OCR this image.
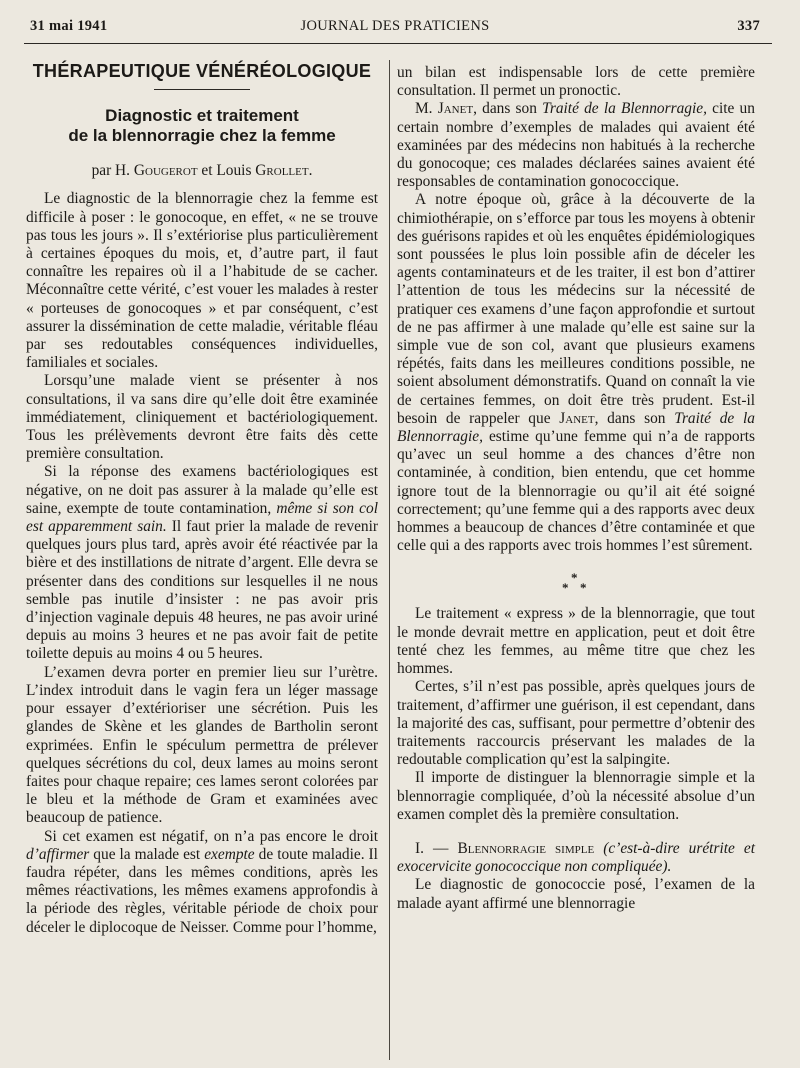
31 mai 1941	JOURNAL DES PRATICIENS	337
THÉRAPEUTIQUE VÉNÉRÉOLOGIQUE
Diagnostic et traitement
de la blennorragie chez la femme
par H. Gougerot et Louis Grollet.

Le diagnostic de la blennorragie chez la femme est difficile à poser : le gonocoque, en effet, « ne se trouve pas tous les jours ». Il s’extériorise plus particulièrement à certaines époques du mois, et, d’autre part, il faut connaître les repaires où il a l’habitude de se cacher. Méconnaître cette vérité, c’est vouer les malades à rester « porteuses de gonocoques » et par conséquent, c’est assurer la dissémination de cette maladie, véritable fléau par ses redoutables conséquences individuelles, familiales et sociales.

Lorsqu’une malade vient se présenter à nos consultations, il va sans dire qu’elle doit être examinée immédiatement, cliniquement et bactériologiquement. Tous les prélèvements devront être faits dès cette première consultation.

Si la réponse des examens bactériologiques est négative, on ne doit pas assurer à la malade qu’elle est saine, exempte de toute contamination, même si son col est apparemment sain. Il faut prier la malade de revenir quelques jours plus tard, après avoir été réactivée par la bière et des instillations de nitrate d’argent. Elle devra se présenter dans des conditions sur lesquelles il ne nous semble pas inutile d’insister : ne pas avoir pris d’injection vaginale depuis 48 heures, ne pas avoir uriné depuis au moins 3 heures et ne pas avoir fait de petite toilette depuis au moins 4 ou 5 heures.

L’examen devra porter en premier lieu sur l’urètre. L’index introduit dans le vagin fera un léger massage pour essayer d’extérioriser une sécrétion. Puis les glandes de Skène et les glandes de Bartholin seront exprimées. Enfin le spéculum permettra de prélever quelques sécrétions du col, deux lames au moins seront faites pour chaque repaire; ces lames seront colorées par le bleu et la méthode de Gram et examinées avec beaucoup de patience.

Si cet examen est négatif, on n’a pas encore le droit d’affirmer que la malade est exempte de toute maladie. Il faudra répéter, dans les mêmes conditions, après les mêmes réactivations, les mêmes examens approfondis à la période des règles, véritable période de choix pour déceler le diplocoque de Neisser. Comme pour l’homme,

un bilan est indispensable lors de cette première consultation. Il permet un pronoctic.

M. Janet, dans son Traité de la Blennorragie, cite un certain nombre d’exemples de malades qui avaient été examinées par des médecins non habitués à la recherche du gonocoque; ces malades déclarées saines avaient été responsables de contamination gonococcique.

A notre époque où, grâce à la découverte de la chimiothérapie, on s’efforce par tous les moyens à obtenir des guérisons rapides et où les enquêtes épidémiologiques sont poussées le plus loin possible afin de déceler les agents contaminateurs et de les traiter, il est bon d’attirer l’attention de tous les médecins sur la nécessité de pratiquer ces examens d’une façon approfondie et surtout de ne pas affirmer à une malade qu’elle est saine sur la simple vue de son col, avant que plusieurs examens répétés, faits dans les meilleures conditions possible, ne soient absolument démonstratifs. Quand on connaît la vie de certaines femmes, on doit être très prudent. Est-il besoin de rappeler que Janet, dans son Traité de la Blennorragie, estime qu’une femme qui n’a de rapports qu’avec un seul homme a des chances d’être non contaminée, à condition, bien entendu, que cet homme ignore tout de la blennorragie ou qu’il ait été soigné correctement; qu’une femme qui a des rapports avec deux hommes a beaucoup de chances d’être contaminée et que celle qui a des rapports avec trois hommes l’est sûrement.

*
* *

Le traitement « express » de la blennorragie, que tout le monde devrait mettre en application, peut et doit être tenté chez les femmes, au même titre que chez les hommes.

Certes, s’il n’est pas possible, après quelques jours de traitement, d’affirmer une guérison, il est cependant, dans la majorité des cas, suffisant, pour permettre d’obtenir des traitements raccourcis préservant les malades de la redoutable complication qu’est la salpingite.

Il importe de distinguer la blennorragie simple et la blennorragie compliquée, d’où la nécessité absolue d’un examen complet dès la première consultation.

I. — Blennorragie simple (c’est-à-dire urétrite et exocervicite gonococcique non compliquée).

Le diagnostic de gonococcie posé, l’examen de la malade ayant affirmé une blennorragie
